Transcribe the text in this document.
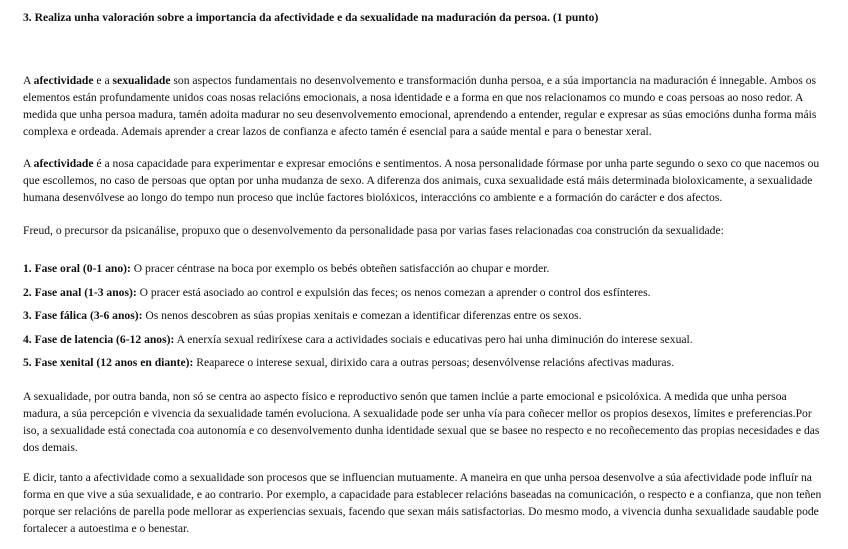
3. Realiza unha valoración sobre a importancia da afectividade e da sexualidade na maduración da persoa. (1 punto)

A afectividade e a sexualidade son aspectos fundamentais no desenvolvemento e transformación dunha persoa, e a súa importancia na maduración é innegable. Ambos os elementos están profundamente unidos coas nosas relacións emocionais, a nosa identidade e a forma en que nos relacionamos co mundo e coas persoas ao noso redor. A medida que unha persoa madura, tamén adoita madurar no seu desenvolvemento emocional, aprendendo a entender, regular e expresar as súas emocións dunha forma máis complexa e ordeada. Ademais aprender a crear lazos de confianza e afecto tamén é esencial para a saúde mental e para o benestar xeral.

A afectividade é a nosa capacidade para experimentar e expresar emocións e sentimentos. A nosa personalidade fórmase por unha parte segundo o sexo co que nacemos ou que escollemos, no caso de persoas que optan por unha mudanza de sexo. A diferenza dos animais, cuxa sexualidade está máis determinada bioloxicamente, a sexualidade humana desenvólvese ao longo do tempo nun proceso que inclúe factores biolóxicos, interaccións co ambiente e a formación do carácter e dos afectos.

Freud, o precursor da psicanálise, propuxo que o desenvolvemento da personalidade pasa por varias fases relacionadas coa construción da sexualidade:

1. Fase oral (0-1 ano): O pracer céntrase na boca por exemplo os bebés obteñen satisfacción ao chupar e morder.

2. Fase anal (1-3 anos): O pracer está asociado ao control e expulsión das feces; os nenos comezan a aprender o control dos esfínteres.

3. Fase fálica (3-6 anos): Os nenos descobren as súas propias xenitais e comezan a identificar diferenzas entre os sexos.

4. Fase de latencia (6-12 anos): A enerxía sexual rediríxese cara a actividades sociais e educativas pero hai unha diminución do interese sexual.

5. Fase xenital (12 anos en diante): Reaparece o interese sexual, dirixido cara a outras persoas; desenvólvense relacións afectivas maduras.

A sexualidade, por outra banda, non só se centra ao aspecto físico e reproductivo senón que tamen inclúe a parte emocional e psicolóxica. A medida que unha persoa madura, a súa percepción e vivencia da sexualidade tamén evoluciona. A sexualidade pode ser unha vía para coñecer mellor os propios desexos, límites e preferencias.Por iso, a sexualidade está conectada coa autonomía e co desenvolvemento dunha identidade sexual que se basee no respecto e no recoñecemento das propias necesidades e das dos demais.

E dicir, tanto a afectividade como a sexualidade son procesos que se influencian mutuamente. A maneira en que unha persoa desenvolve a súa afectividade pode influír na forma en que vive a súa sexualidade, e ao contrario. Por exemplo, a capacidade para establecer relacións baseadas na comunicación, o respecto e a confianza, que non teñen porque ser relacións de parella pode mellorar as experiencias sexuais, facendo que sexan máis satisfactorias. Do mesmo modo, a vivencia dunha sexualidade saudable pode fortalecer a autoestima e o benestar.
